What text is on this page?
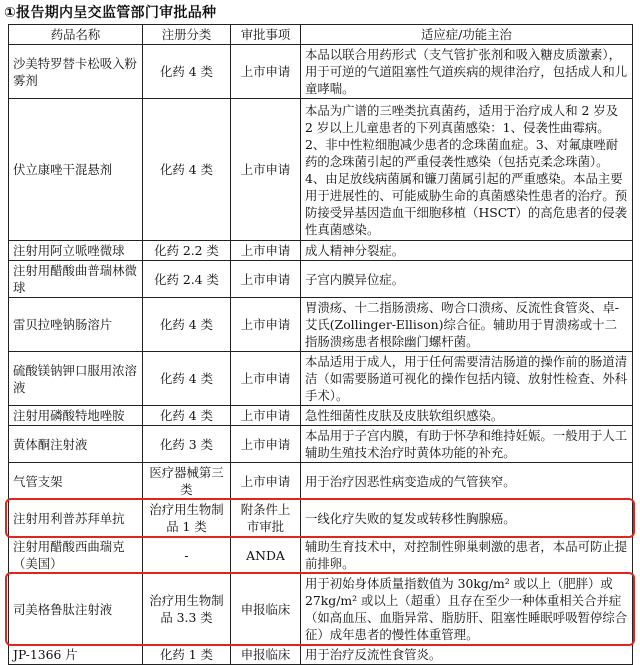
①报告期内呈交监管部门审批品种
药品名称	注册分类	审批事项	适应症/功能主治
沙美特罗替卡松吸入粉雾剂	化药 4 类	上市申请	本品以联合用药形式（支气管扩张剂和吸入糖皮质激素），用于可逆的气道阻塞性气道疾病的规律治疗，包括成人和儿童哮喘。
伏立康唑干混悬剂	化药 4 类	上市申请	本品为广谱的三唑类抗真菌药，适用于治疗成人和 2 岁及 2 岁以上儿童患者的下列真菌感染：1、侵袭性曲霉病。2、非中性粒细胞减少患者的念珠菌血症。3、对氟康唑耐药的念珠菌引起的严重侵袭性感染（包括克柔念珠菌）。4、由足放线病菌属和镰刀菌属引起的严重感染。本品主要用于进展性的、可能威胁生命的真菌感染性患者的治疗。预防接受异基因造血干细胞移植（HSCT）的高危患者的侵袭性真菌感染。
注射用阿立哌唑微球	化药 2.2 类	上市申请	成人精神分裂症。
注射用醋酸曲普瑞林微球	化药 2.4 类	上市申请	子宫内膜异位症。
雷贝拉唑钠肠溶片	化药 4 类	上市申请	胃溃疡、十二指肠溃疡、吻合口溃疡、反流性食管炎、卓-艾氏(Zollinger-Ellison)综合征。辅助用于胃溃疡或十二指肠溃疡患者根除幽门螺杆菌。
硫酸镁钠钾口服用浓溶液	化药 4 类	上市申请	本品适用于成人，用于任何需要清洁肠道的操作前的肠道清洁（如需要肠道可视化的操作包括内镜、放射性检查、外科手术）。
注射用磷酸特地唑胺	化药 4 类	上市申请	急性细菌性皮肤及皮肤软组织感染。
黄体酮注射液	化药 3 类	上市申请	本品用于子宫内膜，有助于怀孕和维持妊娠。一般用于人工辅助生殖技术治疗时黄体功能的补充。
气管支架	医疗器械第三类	上市申请	用于治疗因恶性病变造成的气管狭窄。
注射用利普苏拜单抗	治疗用生物制品 1 类	附条件上市审批	一线化疗失败的复发或转移性胸腺癌。
注射用醋酸西曲瑞克（美国）	-	ANDA	辅助生育技术中，对控制性卵巢刺激的患者，本品可防止提前排卵。
司美格鲁肽注射液	治疗用生物制品 3.3 类	申报临床	用于初始身体质量指数值为 30kg/m² 或以上（肥胖）或 27kg/m² 或以上（超重）且存在至少一种体重相关合并症（如高血压、血脂异常、脂肪肝、阻塞性睡眠呼吸暂停综合征）成年患者的慢性体重管理。
JP-1366 片	化药 1 类	申报临床	用于治疗反流性食管炎。
